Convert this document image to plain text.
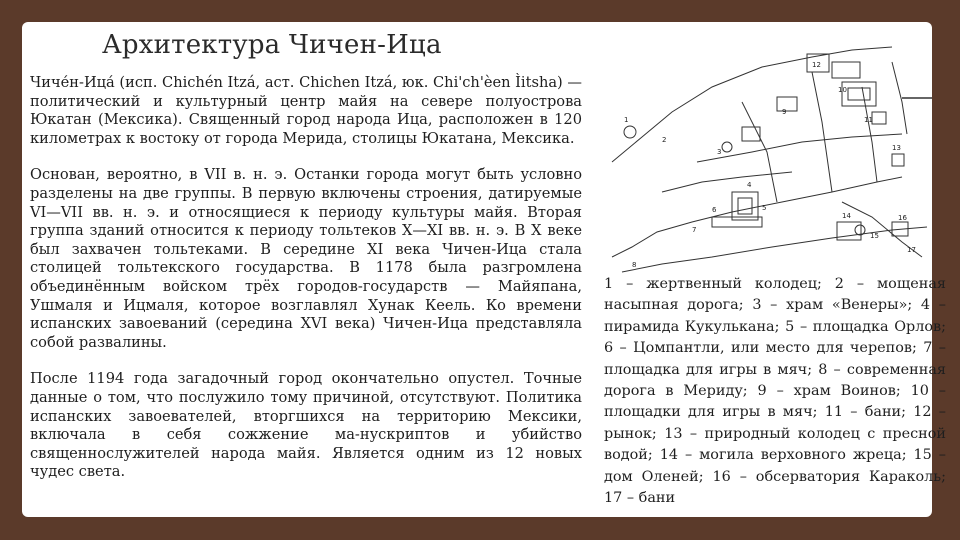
Архитектура Чичен-Ица

Чиче́н-Ица́ (исп. Chichén Itzá, аст. Chichen Itzá, юк. Chi'ch'èen Ìitsha) — политический и культурный центр майя на севере полуострова Юкатан (Мексика). Священный город народа Ица, расположен в 120 километрах к востоку от города Мерида, столицы Юкатана, Мексика.

Основан, вероятно, в VII в. н. э. Останки города могут быть условно разделены на две группы. В первую включены строения, датируемые VI—VII вв. н. э. и относящиеся к периоду культуры майя. Вторая группа зданий относится к периоду тольтеков X—XI вв. н. э. В X веке был захвачен тольтеками. В середине XI века Чичен-Ица стала столицей тольтекского государства. В 1178 была разгромлена объединённым войском трёх городов-государств — Майяпана, Ушмаля и Ицмаля, которое возглавлял Хунак Кеель. Ко времени испанских завоеваний (середина XVI века) Чичен-Ица представляла собой развалины.

После 1194 года загадочный город окончательно опустел. Точные данные о том, что послужило тому причиной, отсутствуют. Политика испанских завоевателей, вторгшихся на территорию Мексики, включала в себя сожжение ма-нускриптов и убийство священнослужителей народа майя. Является одним из 12 новых чудес света.

1
2
3
4
5
6
7
8
9
10
11
12
13
14
15
16
17
1 – жертвенный колодец; 2 – мощеная насыпная дорога; 3 – храм «Венеры»; 4 – пирамида Кукулькана; 5 – площадка Орлов; 6 – Цомпантли, или место для черепов; 7 – площадка для игры в мяч; 8 – современная дорога в Мериду; 9 – храм Воинов; 10 – площадки для игры в мяч; 11 – бани; 12 – рынок; 13 – природный колодец с пресной водой; 14 – могила верховного жреца; 15 – дом Оленей; 16 – обсерватория Караколь; 17 – бани
